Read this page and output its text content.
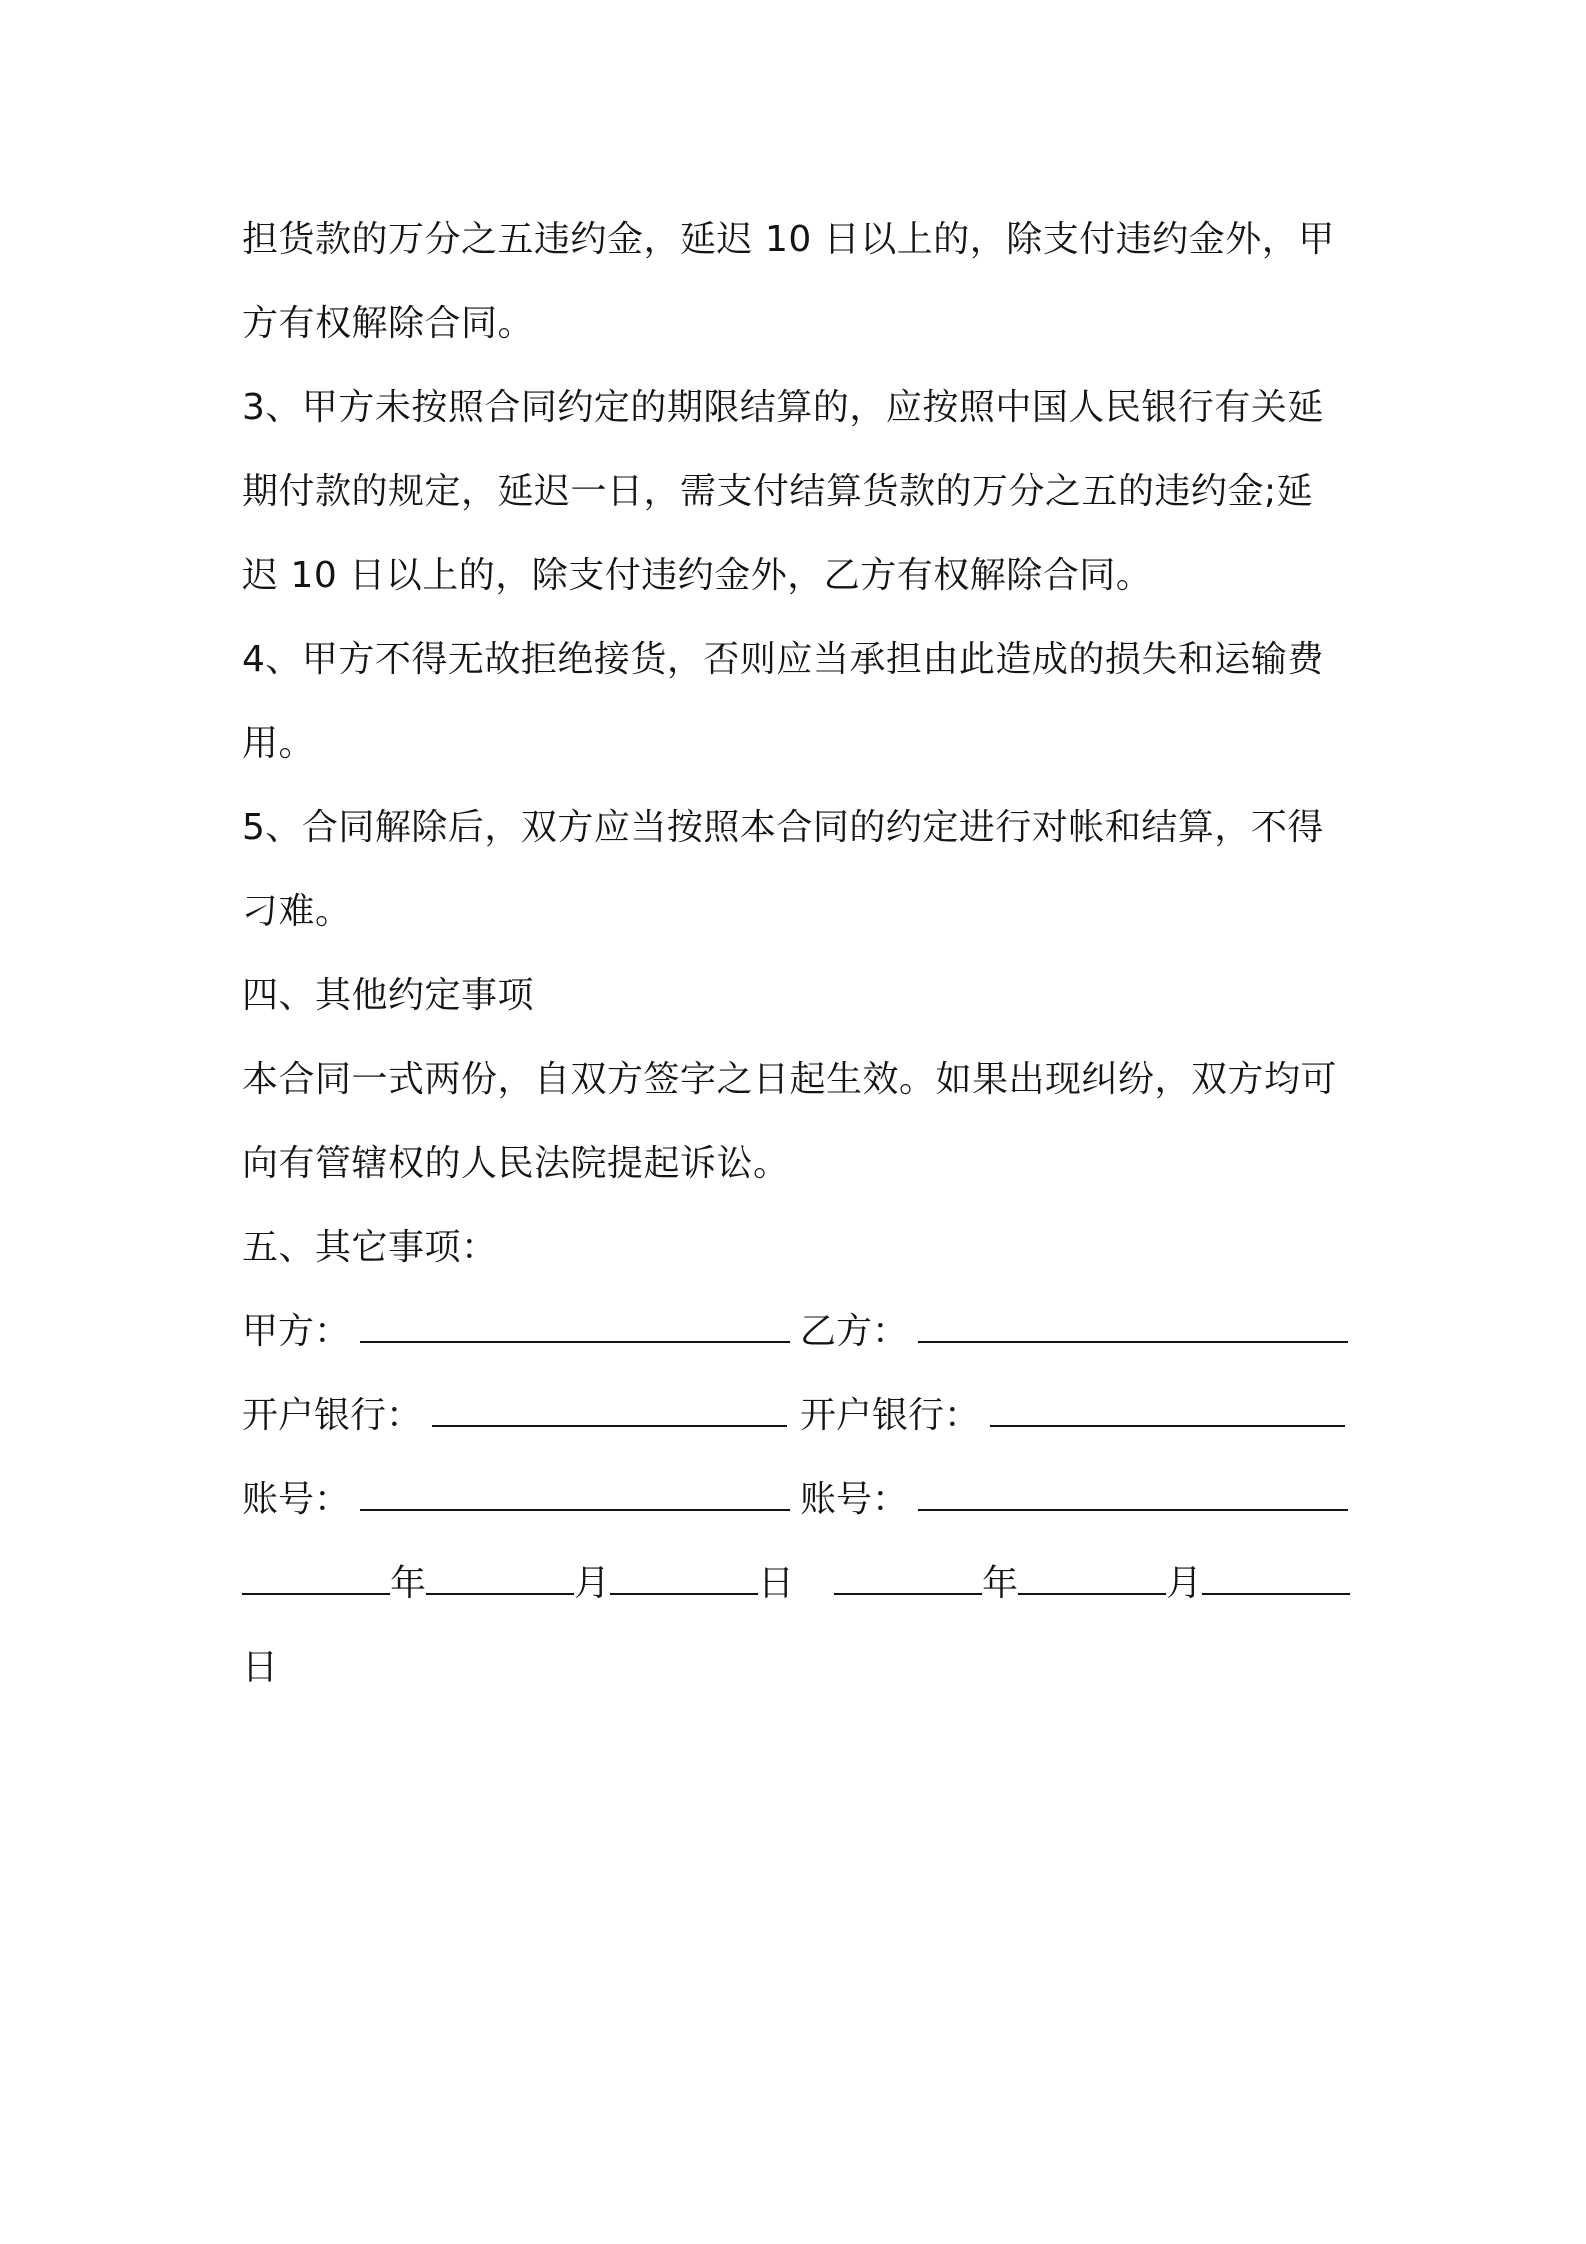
担货款的万分之五违约金，延迟 10 日以上的，除支付违约金外，甲
方有权解除合同。
3、甲方未按照合同约定的期限结算的，应按照中国人民银行有关延
期付款的规定，延迟一日，需支付结算货款的万分之五的违约金;延
迟 10 日以上的，除支付违约金外，乙方有权解除合同。
4、甲方不得无故拒绝接货，否则应当承担由此造成的损失和运输费
用。
5、合同解除后，双方应当按照本合同的约定进行对帐和结算，不得
刁难。
四、其他约定事项
本合同一式两份，自双方签字之日起生效。如果出现纠纷，双方均可
向有管辖权的人民法院提起诉讼。
五、其它事项：
甲方：	乙方：
开户银行：	开户银行：
账号：	账号：
年	月	日	年	月
日
